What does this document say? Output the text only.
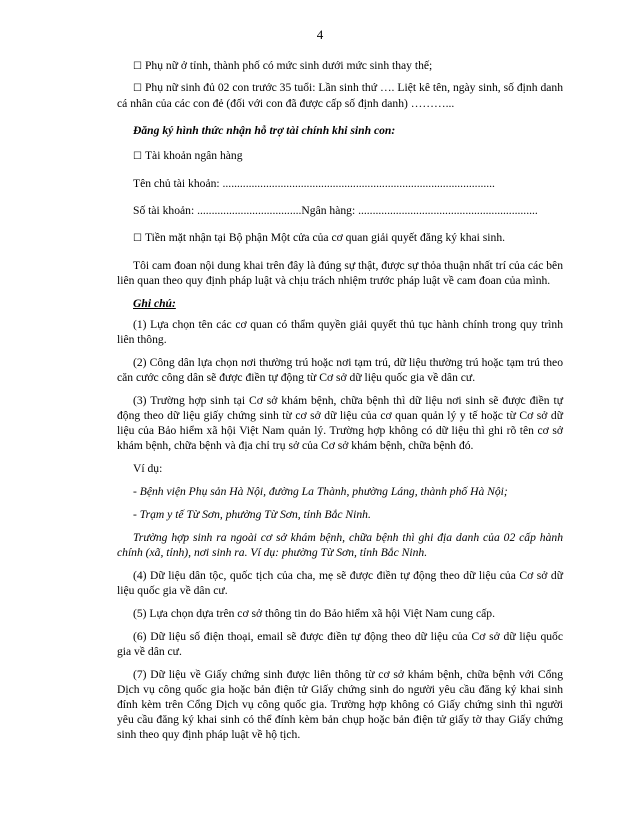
4

☐ Phụ nữ ở tỉnh, thành phố có mức sinh dưới mức sinh thay thế;

☐ Phụ nữ sinh đủ 02 con trước 35 tuổi: Lần sinh thứ …. Liệt kê tên, ngày sinh, số định danh cá nhân của các con đẻ (đối với con đã được cấp số định danh) ………...

Đăng ký hình thức nhận hỗ trợ tài chính khi sinh con:

☐ Tài khoản ngân hàng

Tên chủ tài khoản: ..............................................................................................

Số tài khoản: ....................................Ngân hàng: ..............................................................

☐ Tiền mặt nhận tại Bộ phận Một cửa của cơ quan giải quyết đăng ký khai sinh.

Tôi cam đoan nội dung khai trên đây là đúng sự thật, được sự thỏa thuận nhất trí của các bên liên quan theo quy định pháp luật và chịu trách nhiệm trước pháp luật về cam đoan của mình.

Ghi chú:

(1) Lựa chọn tên các cơ quan có thẩm quyền giải quyết thủ tục hành chính trong quy trình liên thông.

(2) Công dân lựa chọn nơi thường trú hoặc nơi tạm trú, dữ liệu thường trú hoặc tạm trú theo căn cước công dân sẽ được điền tự động từ Cơ sở dữ liệu quốc gia về dân cư.

(3) Trường hợp sinh tại Cơ sở khám bệnh, chữa bệnh thì dữ liệu nơi sinh sẽ được điền tự động theo dữ liệu giấy chứng sinh từ cơ sở dữ liệu của cơ quan quản lý y tế hoặc từ Cơ sở dữ liệu của Bảo hiểm xã hội Việt Nam quản lý. Trường hợp không có dữ liệu thì ghi rõ tên cơ sở khám bệnh, chữa bệnh và địa chỉ trụ sở của Cơ sở khám bệnh, chữa bệnh đó.

Ví dụ:

- Bệnh viện Phụ sản Hà Nội, đường La Thành, phường Láng, thành phố Hà Nội;

- Trạm y tế Từ Sơn, phường Từ Sơn, tỉnh Bắc Ninh.

Trường hợp sinh ra ngoài cơ sở khám bệnh, chữa bệnh thì ghi địa danh của 02 cấp hành chính (xã, tỉnh), nơi sinh ra. Ví dụ: phường Từ Sơn, tỉnh Bắc Ninh.

(4) Dữ liệu dân tộc, quốc tịch của cha, mẹ sẽ được điền tự động theo dữ liệu của Cơ sở dữ liệu quốc gia về dân cư.

(5) Lựa chọn dựa trên cơ sở thông tin do Bảo hiểm xã hội Việt Nam cung cấp.

(6) Dữ liệu số điện thoại, email sẽ được điền tự động theo dữ liệu của Cơ sở dữ liệu quốc gia về dân cư.

(7) Dữ liệu về Giấy chứng sinh được liên thông từ cơ sở khám bệnh, chữa bệnh với Cổng Dịch vụ công quốc gia hoặc bản điện tử Giấy chứng sinh do người yêu cầu đăng ký khai sinh đính kèm trên Cổng Dịch vụ công quốc gia. Trường hợp không có Giấy chứng sinh thì người yêu cầu đăng ký khai sinh có thể đính kèm bản chụp hoặc bản điện tử giấy tờ thay Giấy chứng sinh theo quy định pháp luật về hộ tịch.
